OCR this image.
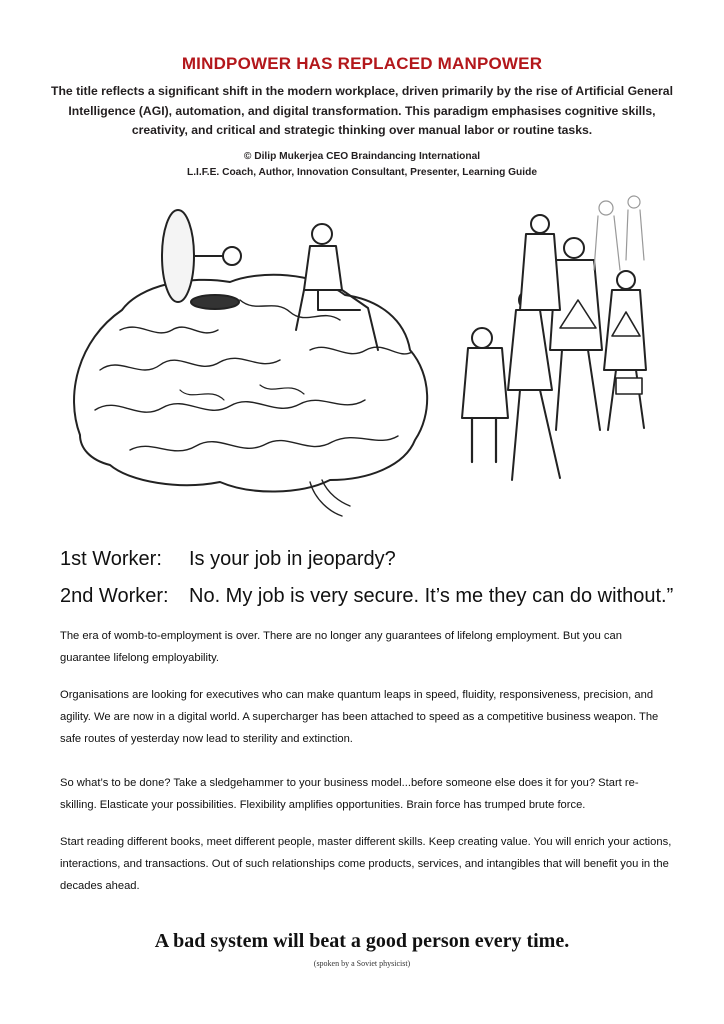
MINDPOWER HAS REPLACED MANPOWER
The title reflects a significant shift in the modern workplace, driven primarily by the rise of Artificial General Intelligence (AGI), automation, and digital transformation. This paradigm emphasises cognitive skills, creativity, and critical and strategic thinking over manual labor or routine tasks.
© Dilip Mukerjea CEO Braindancing International
L.I.F.E. Coach, Author, Innovation Consultant, Presenter, Learning Guide
1st Worker: Is your job in jeopardy?
2nd Worker: No. My job is very secure. It’s me they can do without.”
The era of womb-to-employment is over. There are no longer any guarantees of lifelong employment. But you can guarantee lifelong employability.
Organisations are looking for executives who can make quantum leaps in speed, fluidity, responsiveness, precision, and agility. We are now in a digital world. A supercharger has been attached to speed as a competitive business weapon. The safe routes of yesterday now lead to sterility and extinction.
So what’s to be done? Take a sledgehammer to your business model...before someone else does it for you? Start re-skilling. Elasticate your possibilities. Flexibility amplifies opportunities. Brain force has trumped brute force.
Start reading different books, meet different people, master different skills. Keep creating value. You will enrich your actions, interactions, and transactions. Out of such relationships come products, services, and intangibles that will benefit you in the decades ahead.
A bad system will beat a good person every time.
(spoken by a Soviet physicist)
